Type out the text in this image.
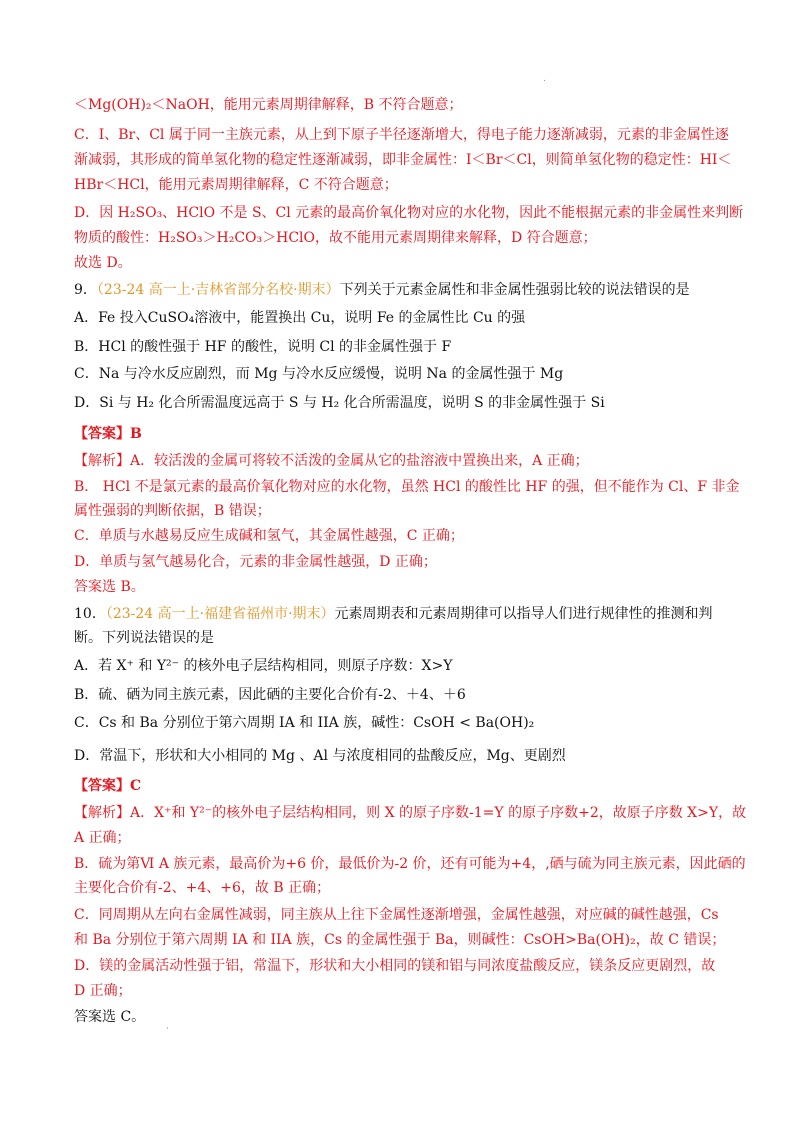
.
＜Mg(OH)₂＜NaOH，能用元素周期律解释，B 不符合题意；
C．I、Br、Cl 属于同一主族元素，从上到下原子半径逐渐增大，得电子能力逐渐减弱，元素的非金属性逐
渐减弱，其形成的简单氢化物的稳定性逐渐减弱，即非金属性：I＜Br＜Cl，则简单氢化物的稳定性：HI＜
HBr＜HCl，能用元素周期律解释，C 不符合题意；
D．因 H₂SO₃、HClO 不是 S、Cl 元素的最高价氧化物对应的水化物，因此不能根据元素的非金属性来判断
物质的酸性：H₂SO₃＞H₂CO₃＞HClO，故不能用元素周期律来解释，D 符合题意；
故选 D。
9．（23-24 高一上·吉林省部分名校·期末）下列关于元素金属性和非金属性强弱比较的说法错误的是
A．Fe 投入CuSO₄溶液中，能置换出 Cu，说明 Fe 的金属性比 Cu 的强
B．HCl 的酸性强于 HF 的酸性，说明 Cl 的非金属性强于 F
C．Na 与冷水反应剧烈，而 Mg 与冷水反应缓慢，说明 Na 的金属性强于 Mg
D．Si 与 H₂ 化合所需温度远高于 S 与 H₂ 化合所需温度，说明 S 的非金属性强于 Si
【答案】B
【解析】A．较活泼的金属可将较不活泼的金属从它的盐溶液中置换出来，A 正确；
B． HCl 不是氯元素的最高价氧化物对应的水化物，虽然 HCl 的酸性比 HF 的强，但不能作为 Cl、F 非金
属性强弱的判断依据，B 错误；
C．单质与水越易反应生成碱和氢气，其金属性越强，C 正确；
D．单质与氢气越易化合，元素的非金属性越强，D 正确；
答案选 B。
10．（23-24 高一上·福建省福州市·期末）元素周期表和元素周期律可以指导人们进行规律性的推测和判
断。下列说法错误的是
A．若 X⁺ 和 Y²⁻ 的核外电子层结构相同，则原子序数：X>Y
B．硫、硒为同主族元素，因此硒的主要化合价有-2、＋4、＋6
C．Cs 和 Ba 分别位于第六周期 IA 和 IIA 族，碱性：CsOH < Ba(OH)₂
D．常温下，形状和大小相同的 Mg 、Al 与浓度相同的盐酸反应，Mg、更剧烈
【答案】C
【解析】A．X⁺和 Y²⁻的核外电子层结构相同，则 X 的原子序数-1=Y 的原子序数+2，故原子序数 X>Y，故
A 正确；
B．硫为第Ⅵ A 族元素，最高价为+6 价，最低价为-2 价，还有可能为+4，,硒与硫为同主族元素，因此硒的
主要化合价有-2、+4、+6，故 B 正确；
C．同周期从左向右金属性减弱，同主族从上往下金属性逐渐增强，金属性越强，对应碱的碱性越强，Cs
和 Ba 分别位于第六周期 IA 和 IIA 族，Cs 的金属性强于 Ba，则碱性：CsOH>Ba(OH)₂，故 C 错误；
D．镁的金属活动性强于铝，常温下，形状和大小相同的镁和铝与同浓度盐酸反应，镁条反应更剧烈，故
D 正确；
答案选 C。
·
